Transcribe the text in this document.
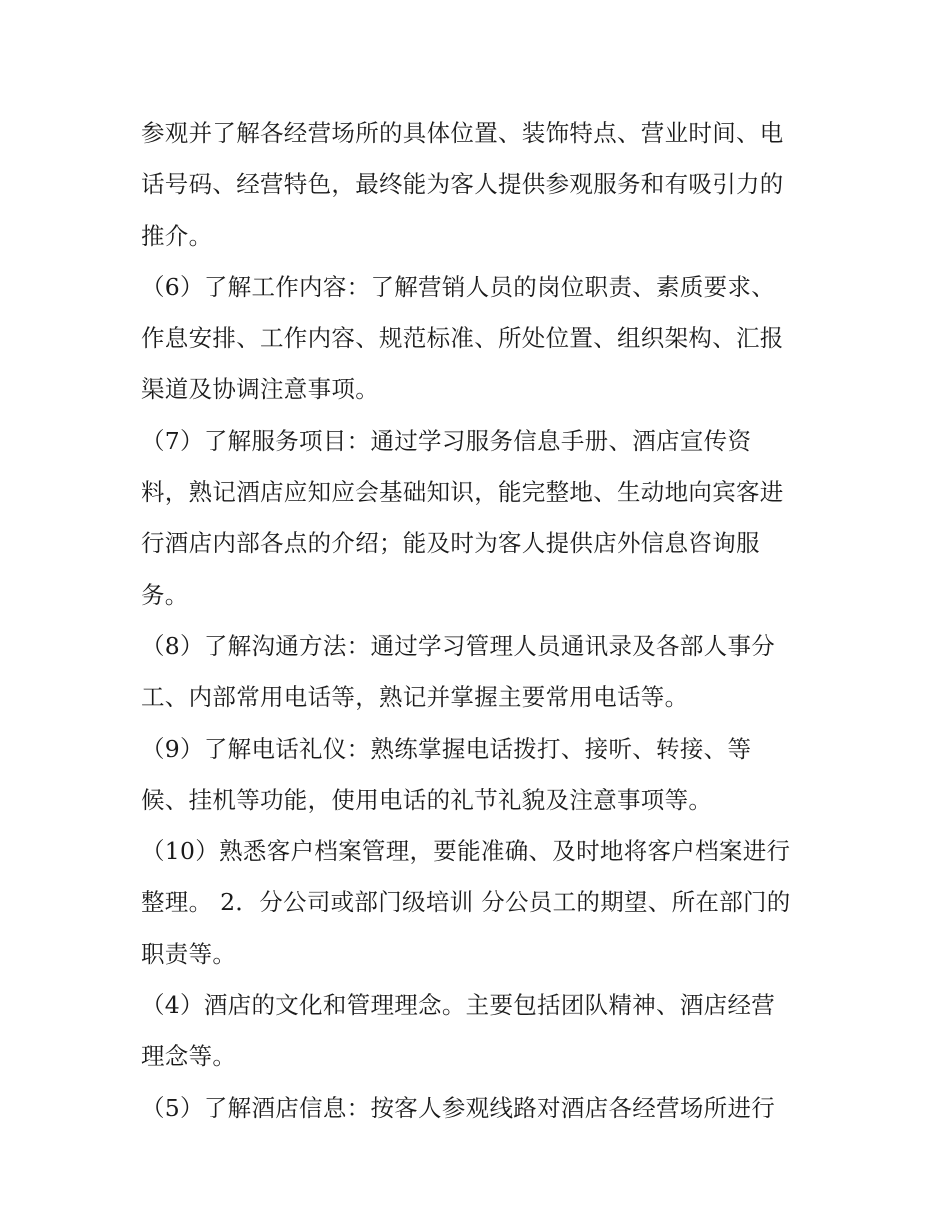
参观并了解各经营场所的具体位置、装饰特点、营业时间、电
话号码、经营特色，最终能为客人提供参观服务和有吸引力的
推介。
（6）了解工作内容：了解营销人员的岗位职责、素质要求、
作息安排、工作内容、规范标准、所处位置、组织架构、汇报
渠道及协调注意事项。
（7）了解服务项目：通过学习服务信息手册、酒店宣传资
料，熟记酒店应知应会基础知识，能完整地、生动地向宾客进
行酒店内部各点的介绍；能及时为客人提供店外信息咨询服
务。
（8）了解沟通方法：通过学习管理人员通讯录及各部人事分
工、内部常用电话等，熟记并掌握主要常用电话等。
（9）了解电话礼仪：熟练掌握电话拨打、接听、转接、等
候、挂机等功能，使用电话的礼节礼貌及注意事项等。
（10）熟悉客户档案管理，要能准确、及时地将客户档案进行
整理。 2．分公司或部门级培训 分公员工的期望、所在部门的
职责等。
（4）酒店的文化和管理理念。主要包括团队精神、酒店经营
理念等。
（5）了解酒店信息：按客人参观线路对酒店各经营场所进行
